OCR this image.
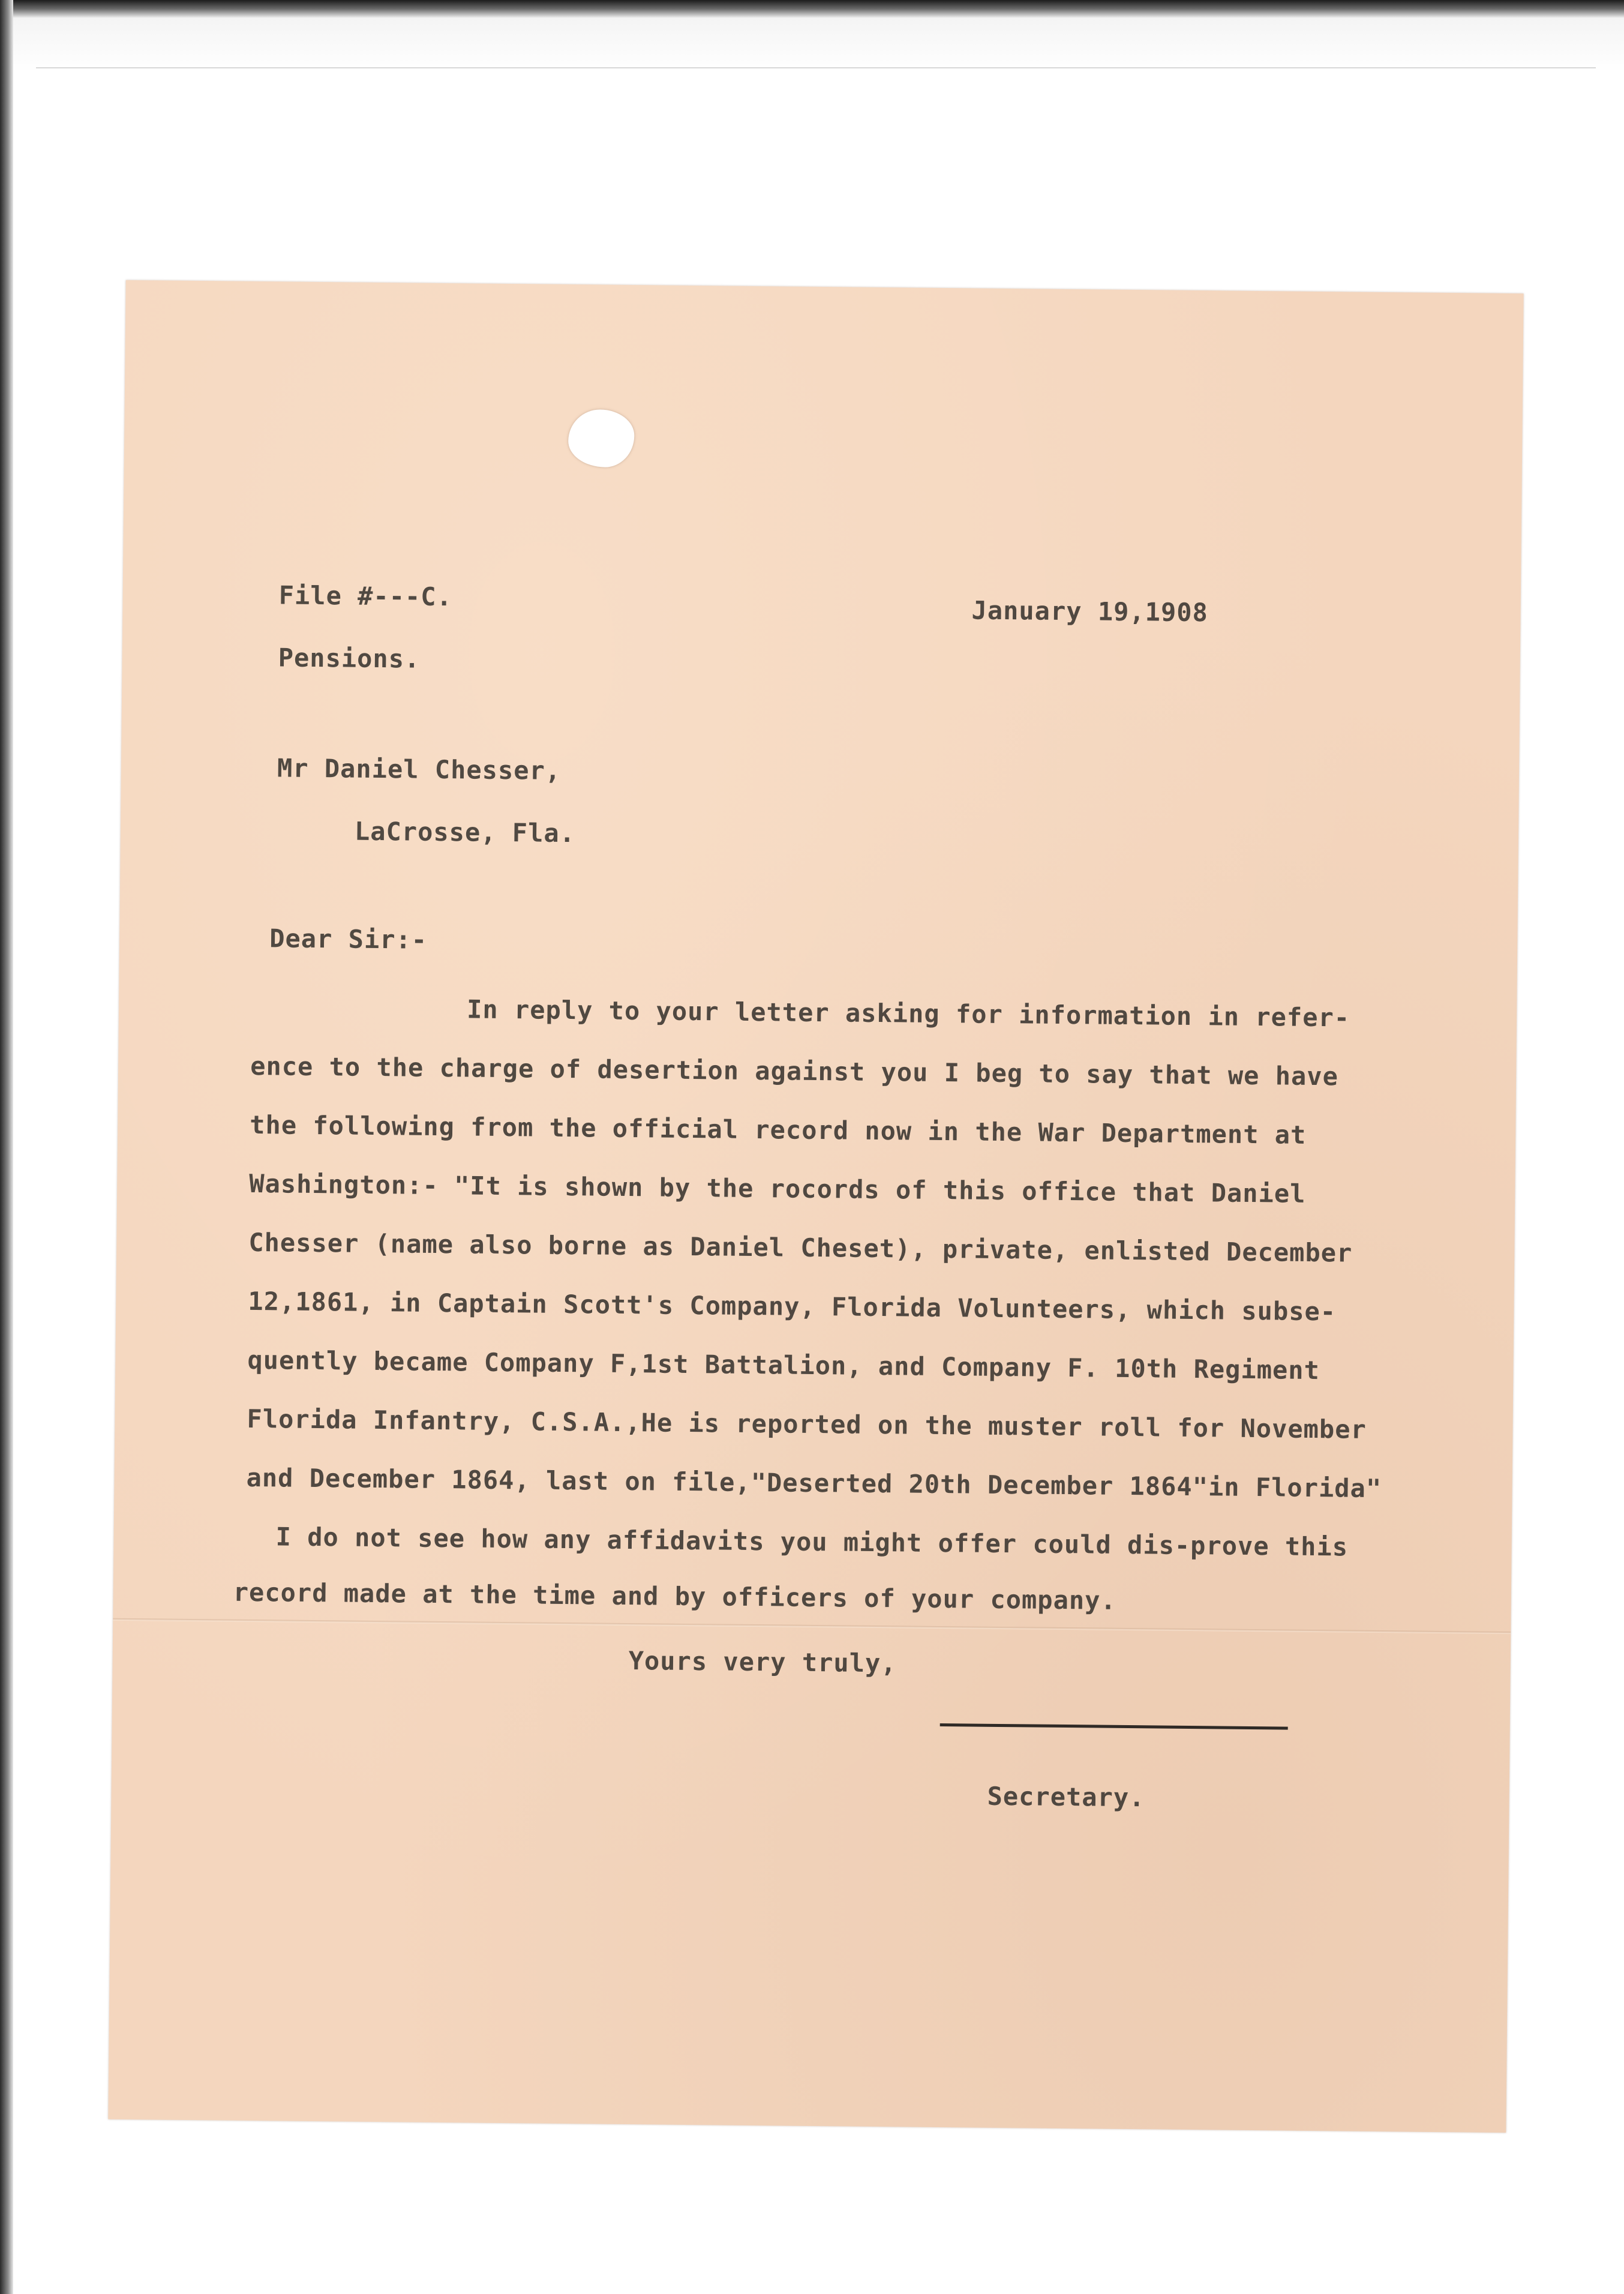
File #---C.	January 19,1908
Pensions.
Mr Daniel Chesser,
LaCrosse, Fla.
Dear Sir:-
In reply to your letter asking for information in refer-
ence to the charge of desertion against you I beg to say that we have
the following from the official record now in the War Department at
Washington:- "It is shown by the rocords of this office that Daniel
Chesser (name also borne as Daniel Cheset), private, enlisted December
12,1861, in Captain Scott's Company, Florida Volunteers, which subse-
quently became Company F,1st Battalion, and Company F. 10th Regiment
Florida Infantry, C.S.A.,He is reported on the muster roll for November
and December 1864, last on file,"Deserted 20th December 1864"in Florida"
I do not see how any affidavits you might offer could dis-prove this
record made at the time and by officers of your company.
Yours very truly,
Secretary.
